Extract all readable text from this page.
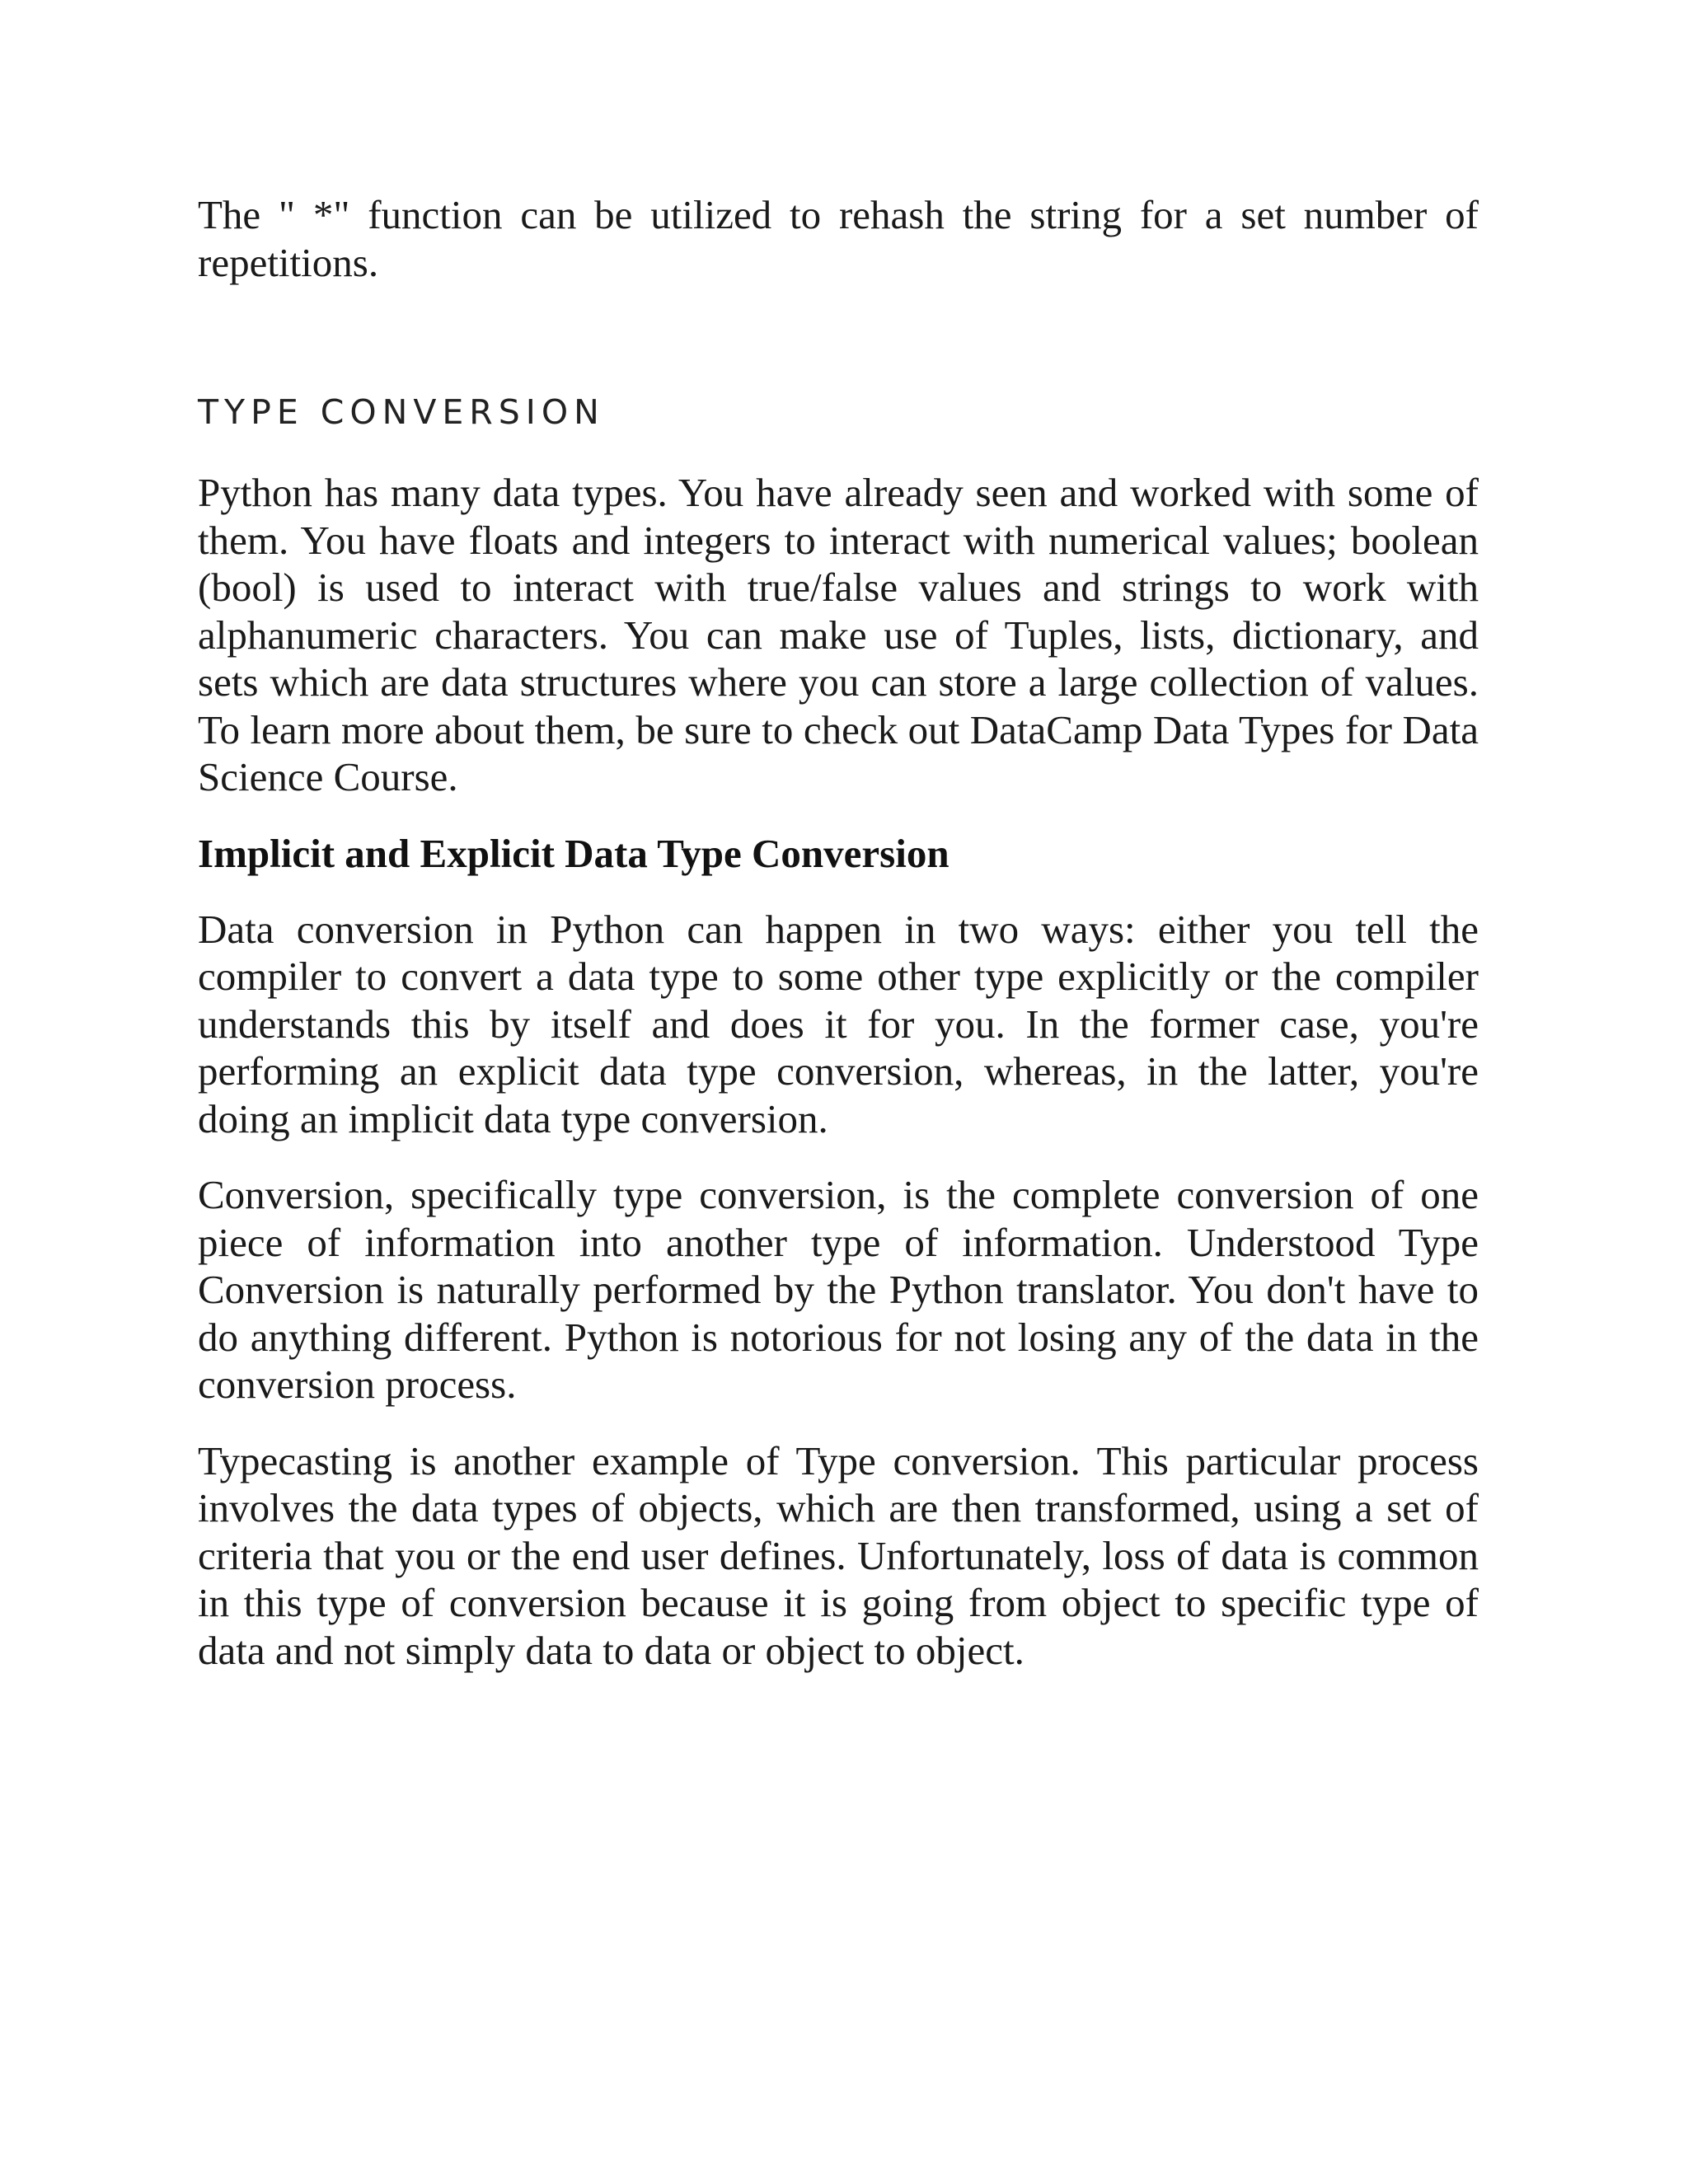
The " *" function can be utilized to rehash the string for a set number of repetitions.

TYPE CONVERSION

Python has many data types. You have already seen and worked with some of them. You have floats and integers to interact with numerical values; boolean (bool) is used to interact with true/false values and strings to work with alphanumeric characters. You can make use of Tuples, lists, dictionary, and sets which are data structures where you can store a large collection of values. To learn more about them, be sure to check out DataCamp Data Types for Data Science Course.

Implicit and Explicit Data Type Conversion

Data conversion in Python can happen in two ways: either you tell the compiler to convert a data type to some other type explicitly or the compiler understands this by itself and does it for you. In the former case, you're performing an explicit data type conversion, whereas, in the latter, you're doing an implicit data type conversion.

Conversion, specifically type conversion, is the complete conversion of one piece of information into another type of information. Understood Type Conversion is naturally performed by the Python translator. You don't have to do anything different. Python is notorious for not losing any of the data in the conversion process.

Typecasting is another example of Type conversion. This particular process involves the data types of objects, which are then transformed, using a set of criteria that you or the end user defines. Unfortunately, loss of data is common in this type of conversion because it is going from object to specific type of data and not simply data to data or object to object.
